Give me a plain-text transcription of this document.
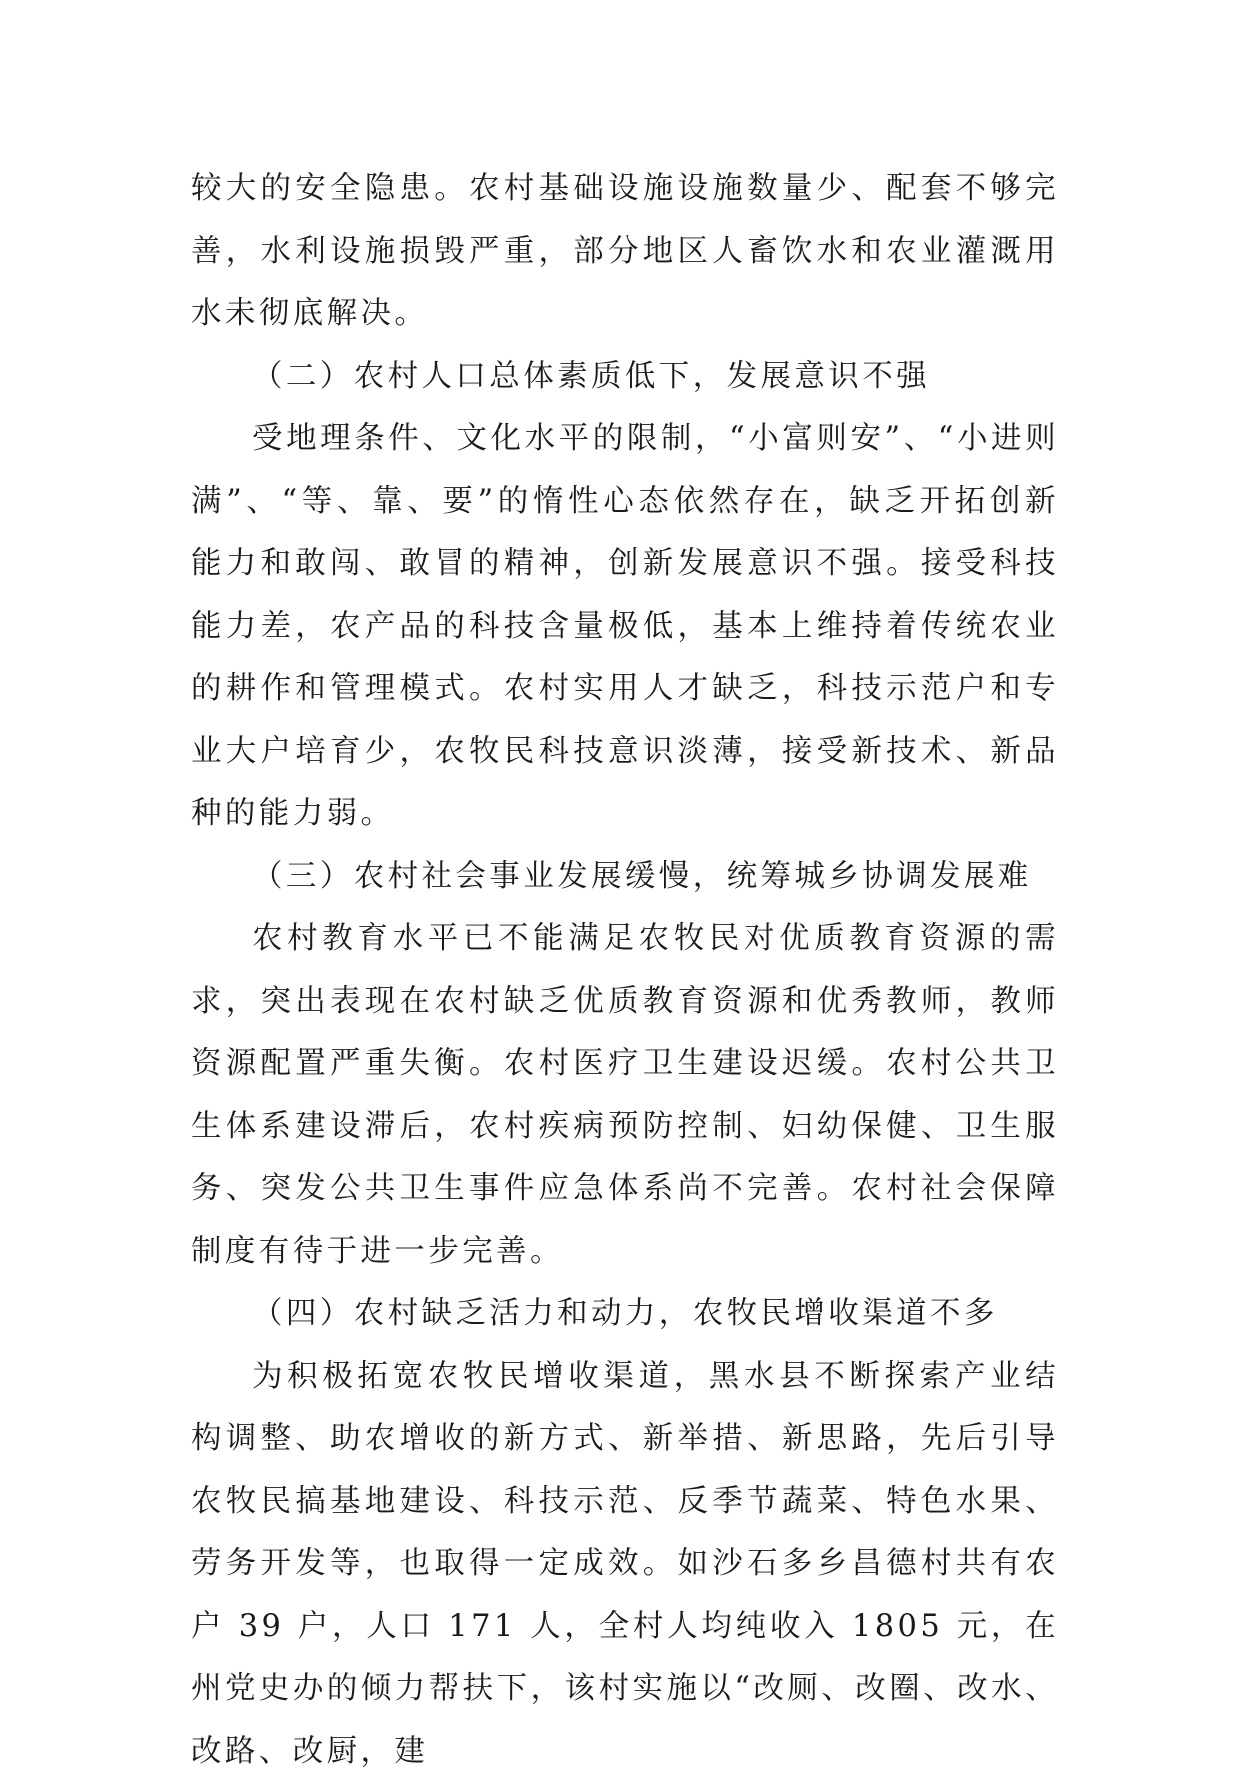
较大的安全隐患。农村基础设施设施数量少、配套不够完善，水利设施损毁严重，部分地区人畜饮水和农业灌溉用水未彻底解决。

（二）农村人口总体素质低下，发展意识不强

受地理条件、文化水平的限制，“小富则安”、“小进则满”、“等、靠、要”的惰性心态依然存在，缺乏开拓创新能力和敢闯、敢冒的精神，创新发展意识不强。接受科技能力差，农产品的科技含量极低，基本上维持着传统农业的耕作和管理模式。农村实用人才缺乏，科技示范户和专业大户培育少，农牧民科技意识淡薄，接受新技术、新品种的能力弱。

（三）农村社会事业发展缓慢，统筹城乡协调发展难

农村教育水平已不能满足农牧民对优质教育资源的需求，突出表现在农村缺乏优质教育资源和优秀教师，教师资源配置严重失衡。农村医疗卫生建设迟缓。农村公共卫生体系建设滞后，农村疾病预防控制、妇幼保健、卫生服务、突发公共卫生事件应急体系尚不完善。农村社会保障制度有待于进一步完善。

（四）农村缺乏活力和动力，农牧民增收渠道不多

为积极拓宽农牧民增收渠道，黑水县不断探索产业结构调整、助农增收的新方式、新举措、新思路，先后引导农牧民搞基地建设、科技示范、反季节蔬菜、特色水果、劳务开发等，也取得一定成效。如沙石多乡昌德村共有农户 39 户，人口 171 人，全村人均纯收入 1805 元，在州党史办的倾力帮扶下，该村实施以“改厕、改圈、改水、改路、改厨，建
